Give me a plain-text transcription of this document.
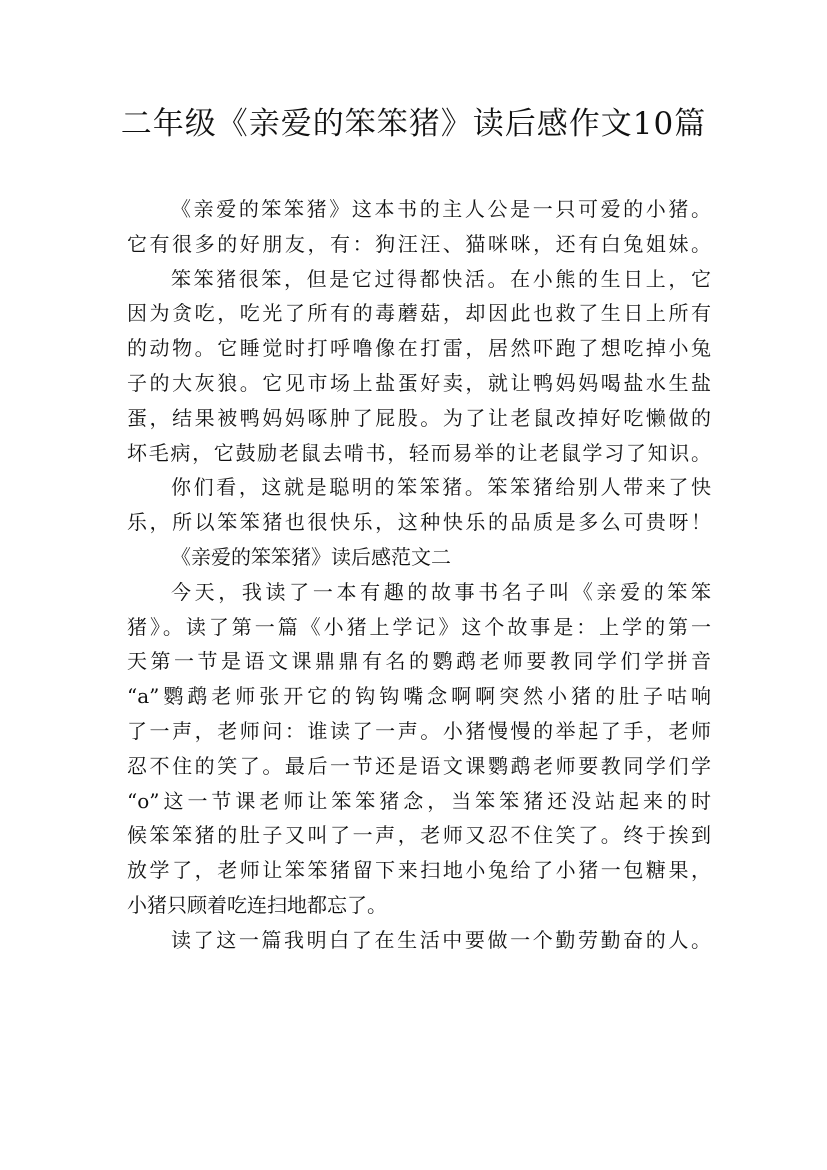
二年级《亲爱的笨笨猪》读后感作文10篇
《亲爱的笨笨猪》这本书的主人公是一只可爱的小猪。
它有很多的好朋友，有：狗汪汪、猫咪咪，还有白兔姐妹。
笨笨猪很笨，但是它过得都快活。在小熊的生日上，它
因为贪吃，吃光了所有的毒蘑菇，却因此也救了生日上所有
的动物。它睡觉时打呼噜像在打雷，居然吓跑了想吃掉小兔
子的大灰狼。它见市场上盐蛋好卖，就让鸭妈妈喝盐水生盐
蛋，结果被鸭妈妈啄肿了屁股。为了让老鼠改掉好吃懒做的
坏毛病，它鼓励老鼠去啃书，轻而易举的让老鼠学习了知识。
你们看，这就是聪明的笨笨猪。笨笨猪给别人带来了快
乐，所以笨笨猪也很快乐，这种快乐的品质是多么可贵呀！
《亲爱的笨笨猪》读后感范文二
今天，我读了一本有趣的故事书名子叫《亲爱的笨笨
猪》。读了第一篇《小猪上学记》这个故事是：上学的第一
天第一节是语文课鼎鼎有名的鹦鹉老师要教同学们学拼音
“a”鹦鹉老师张开它的钩钩嘴念啊啊突然小猪的肚子咕响
了一声，老师问：谁读了一声。小猪慢慢的举起了手，老师
忍不住的笑了。最后一节还是语文课鹦鹉老师要教同学们学
“o”这一节课老师让笨笨猪念，当笨笨猪还没站起来的时
候笨笨猪的肚子又叫了一声，老师又忍不住笑了。终于挨到
放学了，老师让笨笨猪留下来扫地小兔给了小猪一包糖果，
小猪只顾着吃连扫地都忘了。
读了这一篇我明白了在生活中要做一个勤劳勤奋的人。
